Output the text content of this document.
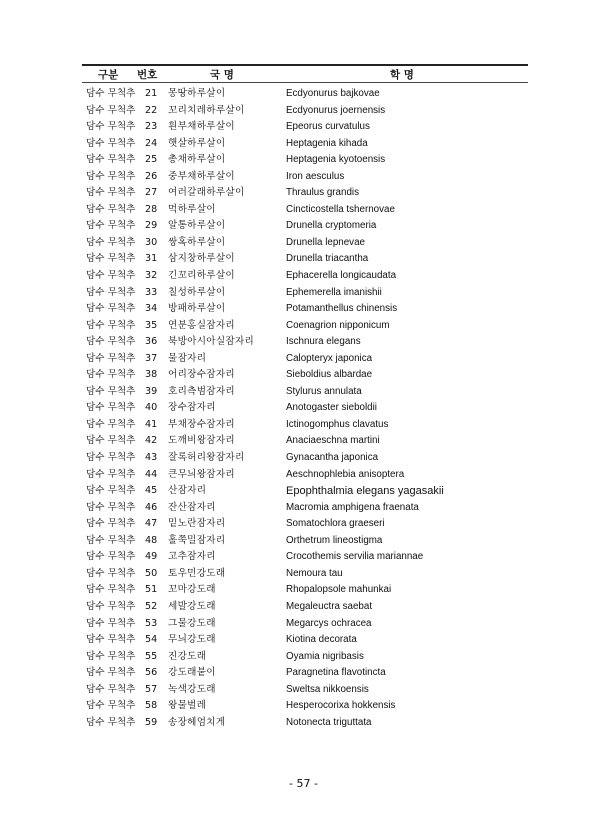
구분 번호	국 명	학 명
담수 무척추 21 몽땅하루살이	Ecdyonurus bajkovae
담수 무척추 22 꼬리치레하루살이	Ecdyonurus joernensis
담수 무척추 23 흰부채하루살이	Epeorus curvatulus
담수 무척추 24 햇살하루살이	Heptagenia kihada
담수 무척추 25 총채하루살이	Heptagenia kyotoensis
담수 무척추 26 중부채하루살이	Iron aesculus
담수 무척추 27 여러갈래하루살이	Thraulus grandis
담수 무척추 28 먹하루살이	Cincticostella tshernovae
담수 무척추 29 알통하루살이	Drunella cryptomeria
담수 무척추 30 쌍혹하루살이	Drunella lepnevae
담수 무척추 31 삼지창하루살이	Drunella triacantha
담수 무척추 32 긴꼬리하루살이	Ephacerella longicaudata
담수 무척추 33 칠성하루살이	Ephemerella imanishii
담수 무척추 34 방패하루살이	Potamanthellus chinensis
담수 무척추 35 연분홍실잠자리	Coenagrion nipponicum
담수 무척추 36 북방아시아실잠자리	Ischnura elegans
담수 무척추 37 물잠자리	Calopteryx japonica
담수 무척추 38 어리장수잠자리	Sieboldius albardae
담수 무척추 39 호리측범잠자리	Stylurus annulata
담수 무척추 40 장수잠자리	Anotogaster sieboldii
담수 무척추 41 부채장수잠자리	Ictinogomphus clavatus
담수 무척추 42 도깨비왕잠자리	Anaciaeschna martini
담수 무척추 43 잘록허리왕잠자리	Gynacantha japonica
담수 무척추 44 큰무늬왕잠자리	Aeschnophlebia anisoptera
담수 무척추 45 산잠자리	Epophthalmia elegans yagasakii
담수 무척추 46 잔산잠자리	Macromia amphigena fraenata
담수 무척추 47 밑노란잠자리	Somatochlora graeseri
담수 무척추 48 홀쭉밀잠자리	Orthetrum lineostigma
담수 무척추 49 고추잠자리	Crocothemis servilia mariannae
담수 무척추 50 토우민강도래	Nemoura tau
담수 무척추 51 꼬마강도래	Rhopalopsole mahunkai
담수 무척추 52 세발강도래	Megaleuctra saebat
담수 무척추 53 그물강도래	Megarcys ochracea
담수 무척추 54 무늬강도래	Kiotina decorata
담수 무척추 55 진강도래	Oyamia nigribasis
담수 무척추 56 강도래붙이	Paragnetina flavotincta
담수 무척추 57 녹색강도래	Sweltsa nikkoensis
담수 무척추 58 왕물벌레	Hesperocorixa hokkensis
담수 무척추 59 송장헤엄치게	Notonecta triguttata
- 57 -
